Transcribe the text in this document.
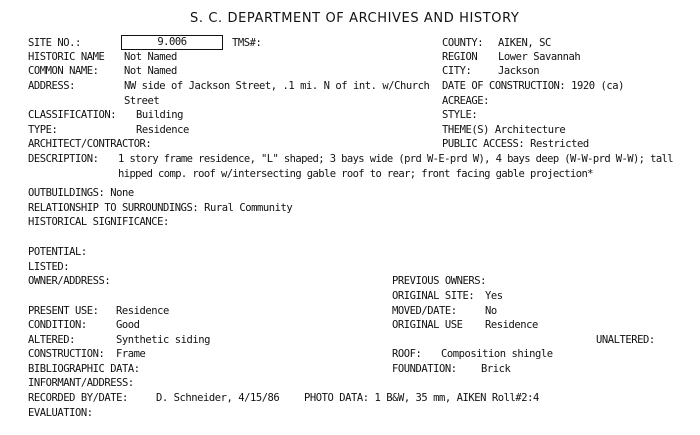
S. C. DEPARTMENT OF ARCHIVES AND HISTORY
SITE NO.:	9.006	TMS#:
HISTORIC NAME Not Named
COMMON NAME: Not Named
ADDRESS:	NW side of Jackson Street, .1 mi. N of int. w/Church
Street
CLASSIFICATION: Building
TYPE:	Residence
ARCHITECT/CONTRACTOR:
COUNTY: AIKEN, SC
REGION Lower Savannah
CITY:	Jackson
DATE OF CONSTRUCTION: 1920 (ca)
ACREAGE:
STYLE:
THEME(S) Architecture
PUBLIC ACCESS: Restricted
DESCRIPTION: 1 story frame residence, "L" shaped; 3 bays wide (prd W-E-prd W), 4 bays deep (W-W-prd W-W); tall
hipped comp. roof w/intersecting gable roof to rear; front facing gable projection*
OUTBUILDINGS: None
RELATIONSHIP TO SURROUNDINGS: Rural Community
HISTORICAL SIGNIFICANCE:
POTENTIAL:
LISTED:
OWNER/ADDRESS:	PREVIOUS OWNERS:
ORIGINAL SITE: Yes
MOVED/DATE:	No
ORIGINAL USE Residence
PRESENT USE: Residence
CONDITION:	Good
ALTERED:	Synthetic siding	UNALTERED:
CONSTRUCTION: Frame	ROOF: Composition shingle
BIBLIOGRAPHIC DATA:	FOUNDATION: Brick
INFORMANT/ADDRESS:
RECORDED BY/DATE:	D. Schneider, 4/15/86 PHOTO DATA: 1 B&W, 35 mm, AIKEN Roll#2:4
EVALUATION:
